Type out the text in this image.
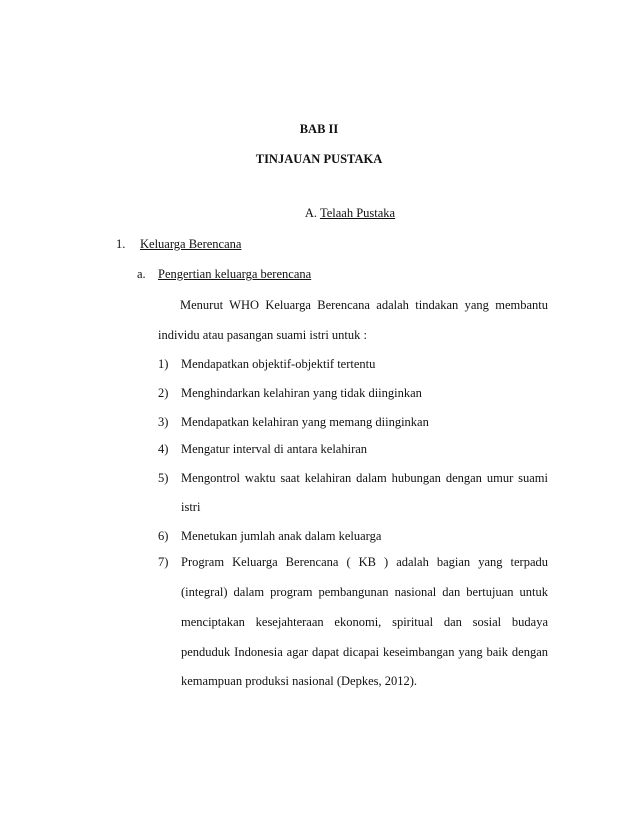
BAB II
TINJAUAN PUSTAKA
A. Telaah Pustaka
1. Keluarga Berencana
a. Pengertian keluarga berencana
Menurut WHO Keluarga Berencana adalah tindakan yang membantu
individu atau pasangan suami istri untuk :
1) Mendapatkan objektif-objektif tertentu
2) Menghindarkan kelahiran yang tidak diinginkan
3) Mendapatkan kelahiran yang memang diinginkan
4) Mengatur interval di antara kelahiran
5) Mengontrol waktu saat kelahiran dalam hubungan dengan umur suami
istri
6) Menetukan jumlah anak dalam keluarga
7) Program Keluarga Berencana ( KB ) adalah bagian yang terpadu
(integral) dalam program pembangunan nasional dan bertujuan untuk
menciptakan kesejahteraan ekonomi, spiritual dan sosial budaya
penduduk Indonesia agar dapat dicapai keseimbangan yang baik dengan
kemampuan produksi nasional (Depkes, 2012).
